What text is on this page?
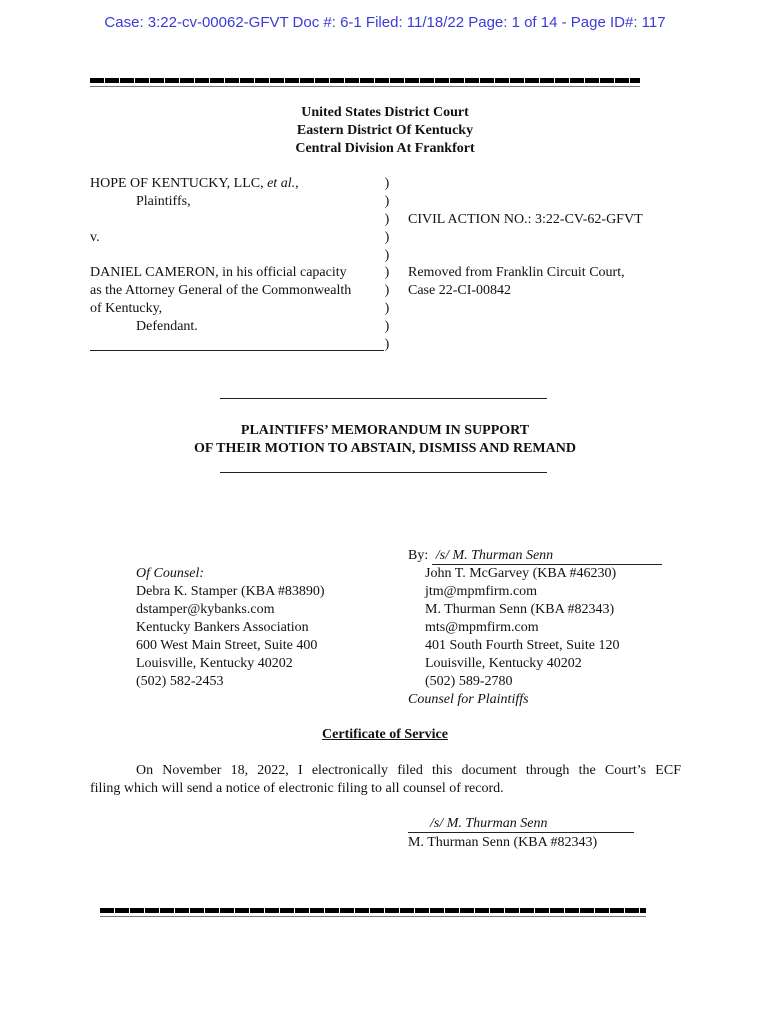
Case: 3:22-cv-00062-GFVT Doc #: 6-1 Filed: 11/18/22 Page: 1 of 14 - Page ID#: 117
United States District Court
Eastern District Of Kentucky
Central Division At Frankfort
HOPE OF KENTUCKY, LLC, et al.,
Plaintiffs,
v.
DANIEL CAMERON, in his official capacity
as the Attorney General of the Commonwealth
of Kentucky,
Defendant.
)
)
)
)
)
)
)
)
)
)
CIVIL ACTION NO.: 3:22-CV-62-GFVT
Removed from Franklin Circuit Court,
Case 22-CI-00842
PLAINTIFFS’ MEMORANDUM IN SUPPORT
OF THEIR MOTION TO ABSTAIN, DISMISS AND REMAND
By: /s/ M. Thurman Senn
John T. McGarvey (KBA #46230)
jtm@mpmfirm.com
M. Thurman Senn (KBA #82343)
mts@mpmfirm.com
401 South Fourth Street, Suite 120
Louisville, Kentucky 40202
(502) 589-2780
Counsel for Plaintiffs
Of Counsel:
Debra K. Stamper (KBA #83890)
dstamper@kybanks.com
Kentucky Bankers Association
600 West Main Street, Suite 400
Louisville, Kentucky 40202
(502) 582-2453
Certificate of Service
On November 18, 2022, I electronically filed this document through the Court’s ECF
filing which will send a notice of electronic filing to all counsel of record.
/s/ M. Thurman Senn
M. Thurman Senn (KBA #82343)
